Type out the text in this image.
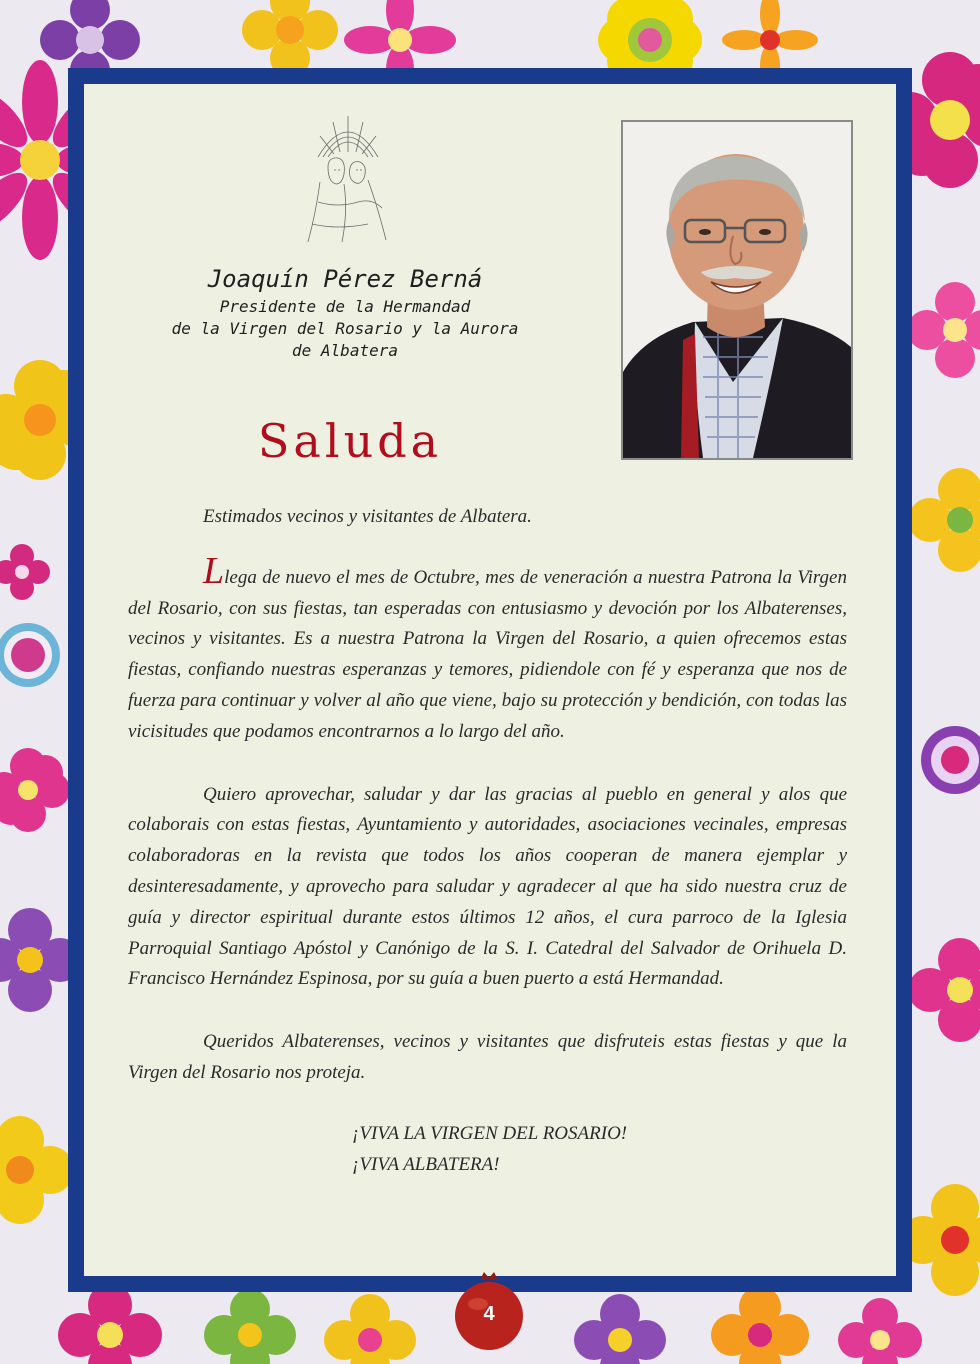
Joaquín Pérez Berná
Presidente de la Hermandad
de la Virgen del Rosario y la Aurora
de Albatera
Saluda

Estimados vecinos y visitantes de Albatera.

Llega de nuevo el mes de Octubre, mes de veneración a nuestra Patrona la Virgen del Rosario, con sus fiestas, tan esperadas con entusiasmo y devoción por los Albaterenses, vecinos y visitantes. Es a nuestra Patrona la Virgen del Rosario, a quien ofrecemos estas fiestas, confiando nuestras esperanzas y temores, pidiendole con fé y esperanza que nos de fuerza para continuar y volver al año que viene, bajo su protección y bendición, con todas las vicisitudes que podamos encontrarnos a lo largo del año.

Quiero aprovechar, saludar y dar las gracias al pueblo en general y alos que colaborais con estas fiestas, Ayuntamiento y autoridades, asociaciones vecinales, empresas colaboradoras en la revista que todos los años cooperan de manera ejemplar y desinteresadamente, y aprovecho para saludar y agradecer al que ha sido nuestra cruz de guía y director espiritual durante estos últimos 12 años, el cura parroco de la Iglesia Parroquial Santiago Apóstol y Canónigo de la S. I. Catedral del Salvador de Orihuela D. Francisco Hernández Espinosa, por su guía a buen puerto a está Hermandad.

Queridos Albaterenses, vecinos y visitantes que disfruteis estas fiestas y que la Virgen del Rosario nos proteja.

¡VIVA LA VIRGEN DEL ROSARIO!

¡VIVA ALBATERA!

4
